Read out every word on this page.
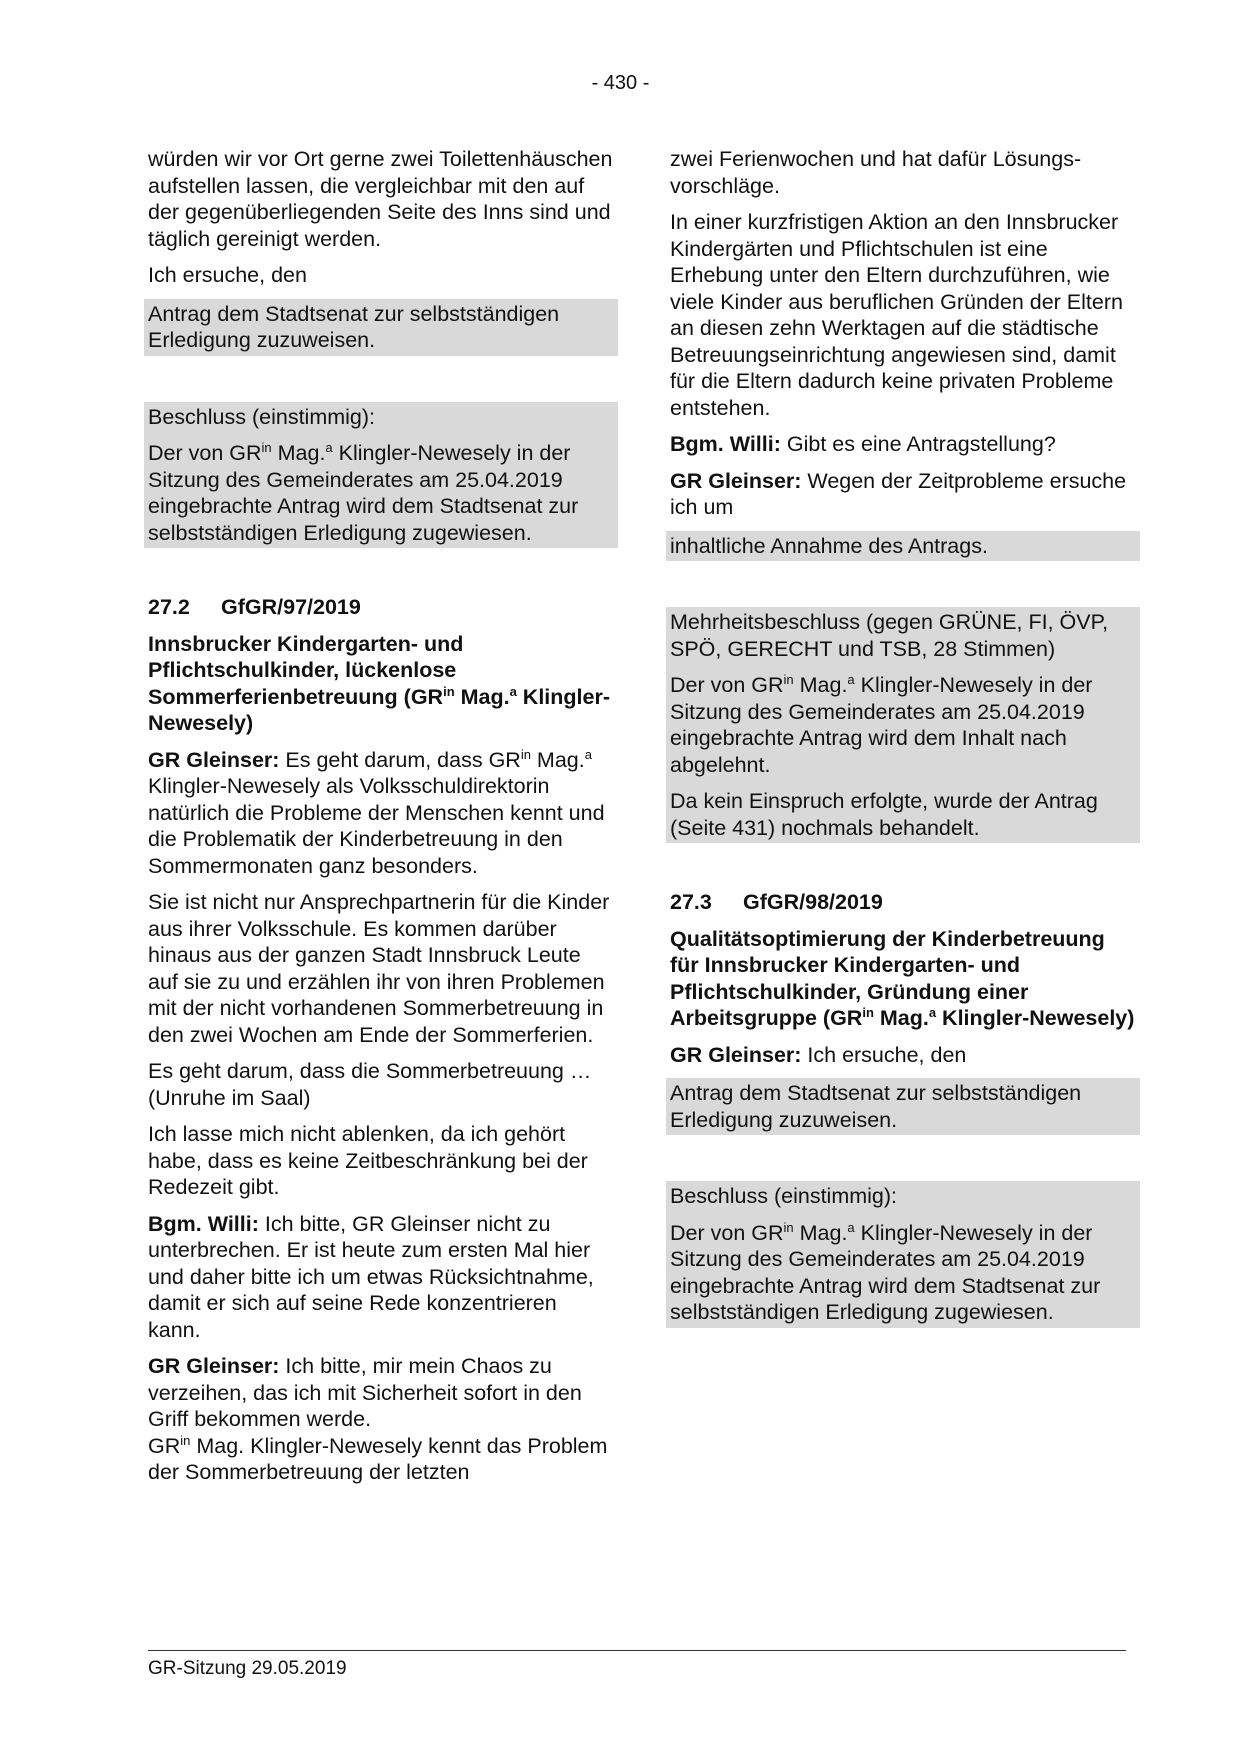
- 430 -

würden wir vor Ort gerne zwei Toilettenhäuschen aufstellen lassen, die vergleichbar mit den auf der gegenüberliegenden Seite des Inns sind und täglich gereinigt werden.

Ich ersuche, den

Antrag dem Stadtsenat zur selbstständigen Erledigung zuzuweisen.

Beschluss (einstimmig):

Der von $GR^{in}$ Mag.$^a$ Klingler-Newesely in der Sitzung des Gemeinderates am 25.04.2019 eingebrachte Antrag wird dem Stadtsenat zur selbstständigen Erledigung zugewiesen.

27.2	GfGR/97/2019

Innsbrucker Kindergarten- und Pflichtschulkinder, lückenlose Sommerferienbetreuung ($GR^{in}$ Mag.$^a$ Klingler-Newesely)

GR Gleinser: Es geht darum, dass $GR^{in}$ Mag.$^a$ Klingler-Newesely als Volksschuldirektorin natürlich die Probleme der Menschen kennt und die Problematik der Kinderbetreuung in den Sommermonaten ganz besonders.

Sie ist nicht nur Ansprechpartnerin für die Kinder aus ihrer Volksschule. Es kommen darüber hinaus aus der ganzen Stadt Innsbruck Leute auf sie zu und erzählen ihr von ihren Problemen mit der nicht vorhandenen Sommerbetreuung in den zwei Wochen am Ende der Sommerferien.

Es geht darum, dass die Sommerbetreuung … (Unruhe im Saal)

Ich lasse mich nicht ablenken, da ich gehört habe, dass es keine Zeitbeschränkung bei der Redezeit gibt.

Bgm. Willi: Ich bitte, GR Gleinser nicht zu unterbrechen. Er ist heute zum ersten Mal hier und daher bitte ich um etwas Rücksichtnahme, damit er sich auf seine Rede konzentrieren kann.

GR Gleinser: Ich bitte, mir mein Chaos zu verzeihen, das ich mit Sicherheit sofort in den Griff bekommen werde.

$GR^{in}$ Mag. Klingler-Newesely kennt das Problem der Sommerbetreuung der letzten

zwei Ferienwochen und hat dafür Lösungsvorschläge.

In einer kurzfristigen Aktion an den Innsbrucker Kindergärten und Pflichtschulen ist eine Erhebung unter den Eltern durchzuführen, wie viele Kinder aus beruflichen Gründen der Eltern an diesen zehn Werktagen auf die städtische Betreuungseinrichtung angewiesen sind, damit für die Eltern dadurch keine privaten Probleme entstehen.

Bgm. Willi: Gibt es eine Antragstellung?

GR Gleinser: Wegen der Zeitprobleme ersuche ich um

inhaltliche Annahme des Antrags.

Mehrheitsbeschluss (gegen GRÜNE, FI, ÖVP, SPÖ, GERECHT und TSB, 28 Stimmen)

Der von $GR^{in}$ Mag.$^a$ Klingler-Newesely in der Sitzung des Gemeinderates am 25.04.2019 eingebrachte Antrag wird dem Inhalt nach abgelehnt.

Da kein Einspruch erfolgte, wurde der Antrag (Seite 431) nochmals behandelt.

27.3	GfGR/98/2019

Qualitätsoptimierung der Kinderbetreuung für Innsbrucker Kindergarten- und Pflichtschulkinder, Gründung einer Arbeitsgruppe ($GR^{in}$ Mag.$^a$ Klingler-Newesely)

GR Gleinser: Ich ersuche, den

Antrag dem Stadtsenat zur selbstständigen Erledigung zuzuweisen.

Beschluss (einstimmig):

Der von $GR^{in}$ Mag.$^a$ Klingler-Newesely in der Sitzung des Gemeinderates am 25.04.2019 eingebrachte Antrag wird dem Stadtsenat zur selbstständigen Erledigung zugewiesen.

GR-Sitzung 29.05.2019
